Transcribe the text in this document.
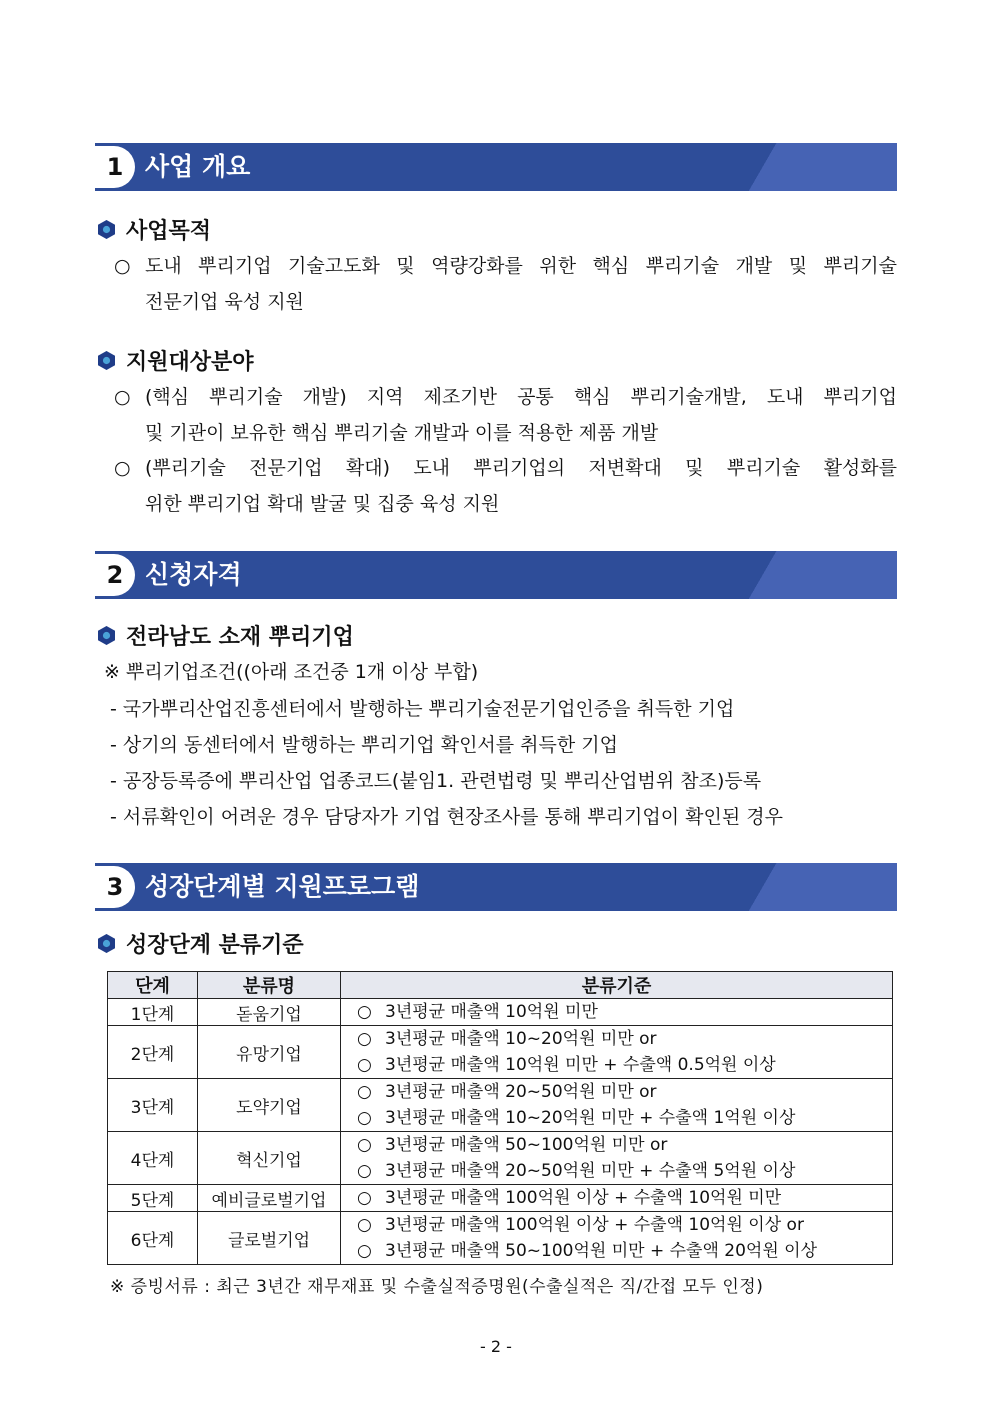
1 사업 개요
사업목적
○ 도내 뿌리기업 기술고도화 및 역량강화를 위한 핵심 뿌리기술 개발 및 뿌리기술
전문기업 육성 지원
지원대상분야
○ (핵심 뿌리기술 개발) 지역 제조기반 공통 핵심 뿌리기술개발, 도내 뿌리기업
및 기관이 보유한 핵심 뿌리기술 개발과 이를 적용한 제품 개발
○ (뿌리기술 전문기업 확대) 도내 뿌리기업의 저변확대 및 뿌리기술 활성화를
위한 뿌리기업 확대 발굴 및 집중 육성 지원
2 신청자격
전라남도 소재 뿌리기업
※ 뿌리기업조건((아래 조건중 1개 이상 부합)
- 국가뿌리산업진흥센터에서 발행하는 뿌리기술전문기업인증을 취득한 기업
- 상기의 동센터에서 발행하는 뿌리기업 확인서를 취득한 기업
- 공장등록증에 뿌리산업 업종코드(붙임1. 관련법령 및 뿌리산업범위 참조)등록
- 서류확인이 어려운 경우 담당자가 기업 현장조사를 통해 뿌리기업이 확인된 경우
3 성장단계별 지원프로그램
성장단계 분류기준
단계	분류명	분류기준
1단계	돋움기업	○ 3년평균 매출액 10억원 미만

2단계	유망기업	○ 3년평균 매출액 10~20억원 미만 or
○ 3년평균 매출액 10억원 미만 + 수출액 0.5억원 이상

3단계	도약기업	○ 3년평균 매출액 20~50억원 미만 or
○ 3년평균 매출액 10~20억원 미만 + 수출액 1억원 이상

4단계	혁신기업	○ 3년평균 매출액 50~100억원 미만 or
○ 3년평균 매출액 20~50억원 미만 + 수출액 5억원 이상

5단계	예비글로벌기업	○ 3년평균 매출액 100억원 이상 + 수출액 10억원 미만

6단계	글로벌기업	○ 3년평균 매출액 100억원 이상 + 수출액 10억원 이상 or
○ 3년평균 매출액 50~100억원 미만 + 수출액 20억원 이상
※ 증빙서류 : 최근 3년간 재무재표 및 수출실적증명원(수출실적은 직/간접 모두 인정)
- 2 -
